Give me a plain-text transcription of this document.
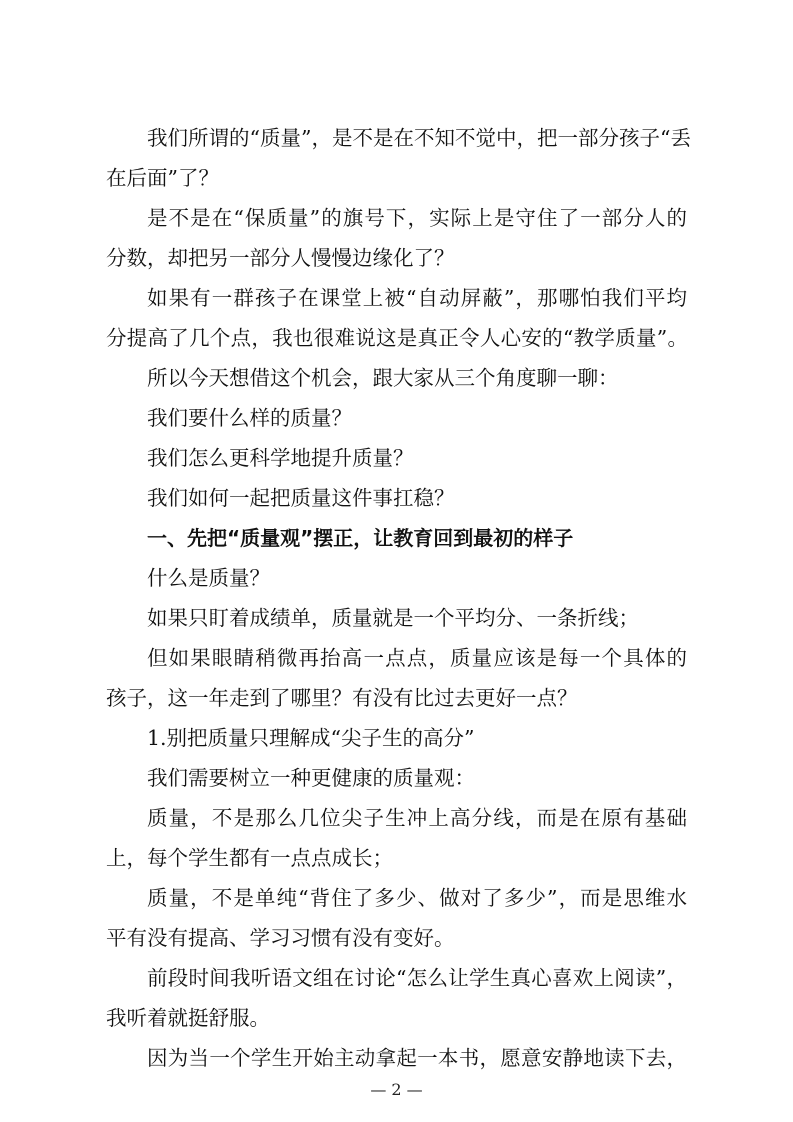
我们所谓的“质量”，是不是在不知不觉中，把一部分孩子“丢
在后面”了？
是不是在“保质量”的旗号下，实际上是守住了一部分人的
分数，却把另一部分人慢慢边缘化了？
如果有一群孩子在课堂上被“自动屏蔽”，那哪怕我们平均
分提高了几个点，我也很难说这是真正令人心安的“教学质量”。
所以今天想借这个机会，跟大家从三个角度聊一聊：
我们要什么样的质量？
我们怎么更科学地提升质量？
我们如何一起把质量这件事扛稳？
一、先把“质量观”摆正，让教育回到最初的样子
什么是质量？
如果只盯着成绩单，质量就是一个平均分、一条折线；
但如果眼睛稍微再抬高一点点，质量应该是每一个具体的
孩子，这一年走到了哪里？有没有比过去更好一点？
1.别把质量只理解成“尖子生的高分”
我们需要树立一种更健康的质量观：
质量，不是那么几位尖子生冲上高分线，而是在原有基础
上，每个学生都有一点点成长；
质量，不是单纯“背住了多少、做对了多少”，而是思维水
平有没有提高、学习习惯有没有变好。
前段时间我听语文组在讨论“怎么让学生真心喜欢上阅读”，
我听着就挺舒服。
因为当一个学生开始主动拿起一本书，愿意安静地读下去，
— 2 —
